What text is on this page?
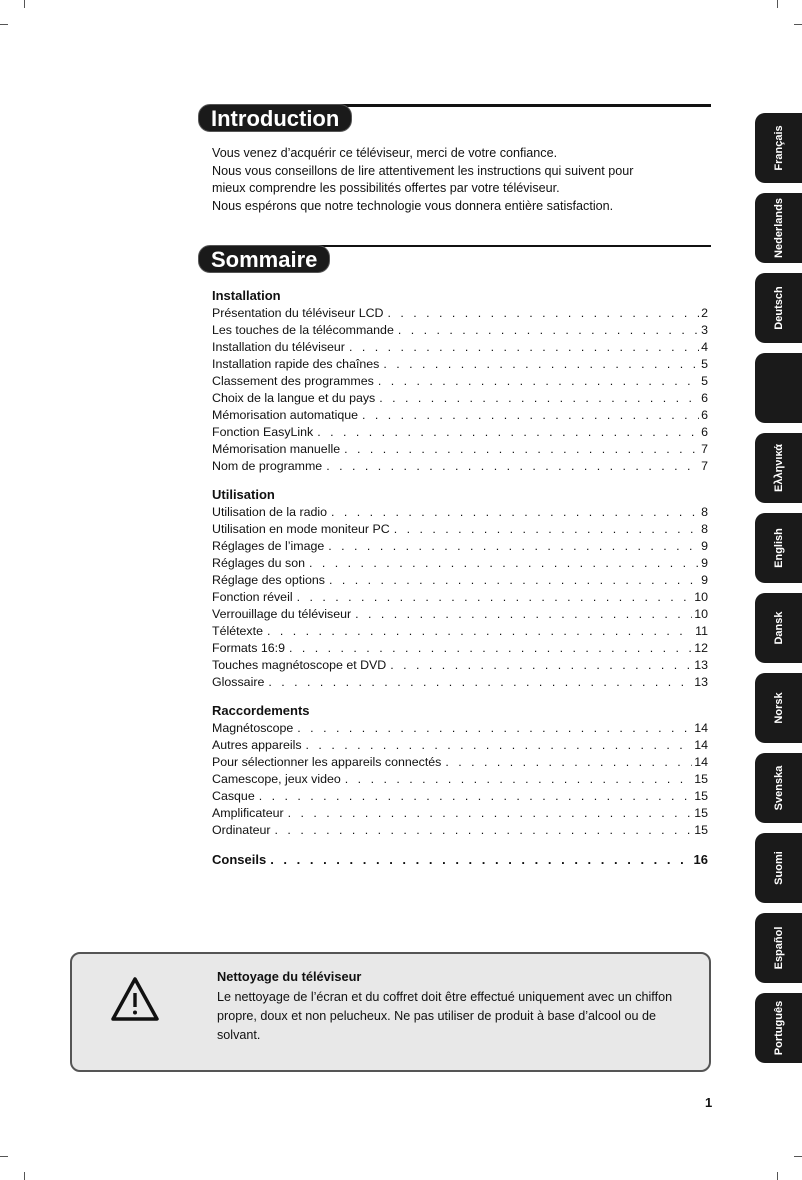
Introduction
Vous venez d’acquérir ce téléviseur, merci de votre confiance.
Nous vous conseillons de lire attentivement les instructions qui suivent pour
mieux comprendre les possibilités offertes par votre téléviseur.
Nous espérons que notre technologie vous donnera entière satisfaction.
Sommaire
Installation
Présentation du téléviseur LCD . . .	2
Les touches de la télécommande . . .	3
Installation du téléviseur . . .	4
Installation rapide des chaînes . . .	5
Classement des programmes . . .	5
Choix de la langue et du pays . . .	6
Mémorisation automatique . . .	6
Fonction EasyLink . . .	6
Mémorisation manuelle . . .	7
Nom de programme . . .	7
Utilisation
Utilisation de la radio . . .	8
Utilisation en mode moniteur PC . . .	8
Réglages de l’image . . .	9
Réglages du son . . .	9
Réglage des options . . .	9
Fonction réveil . . .	10
Verrouillage du téléviseur . . .	10
Télétexte . . .	11
Formats 16:9 . . .	12
Touches magnétoscope et DVD . . .	13
Glossaire . . .	13
Raccordements
Magnétoscope . . .	14
Autres appareils . . .	14
Pour sélectionner les appareils connectés . . .	14
Camescope, jeux video . . .	15
Casque . . .	15
Amplificateur . . .	15
Ordinateur . . .	15
Conseils . . .	16
Français
Nederlands
Deutsch
Ελληνικά
English
Dansk
Norsk
Svenska
Suomi
Español
Português
Nettoyage du téléviseur
Le nettoyage de l’écran et du coffret doit être effectué uniquement avec un chiffon propre, doux et non pelucheux. Ne pas utiliser de produit à base d’alcool ou de solvant.
1
